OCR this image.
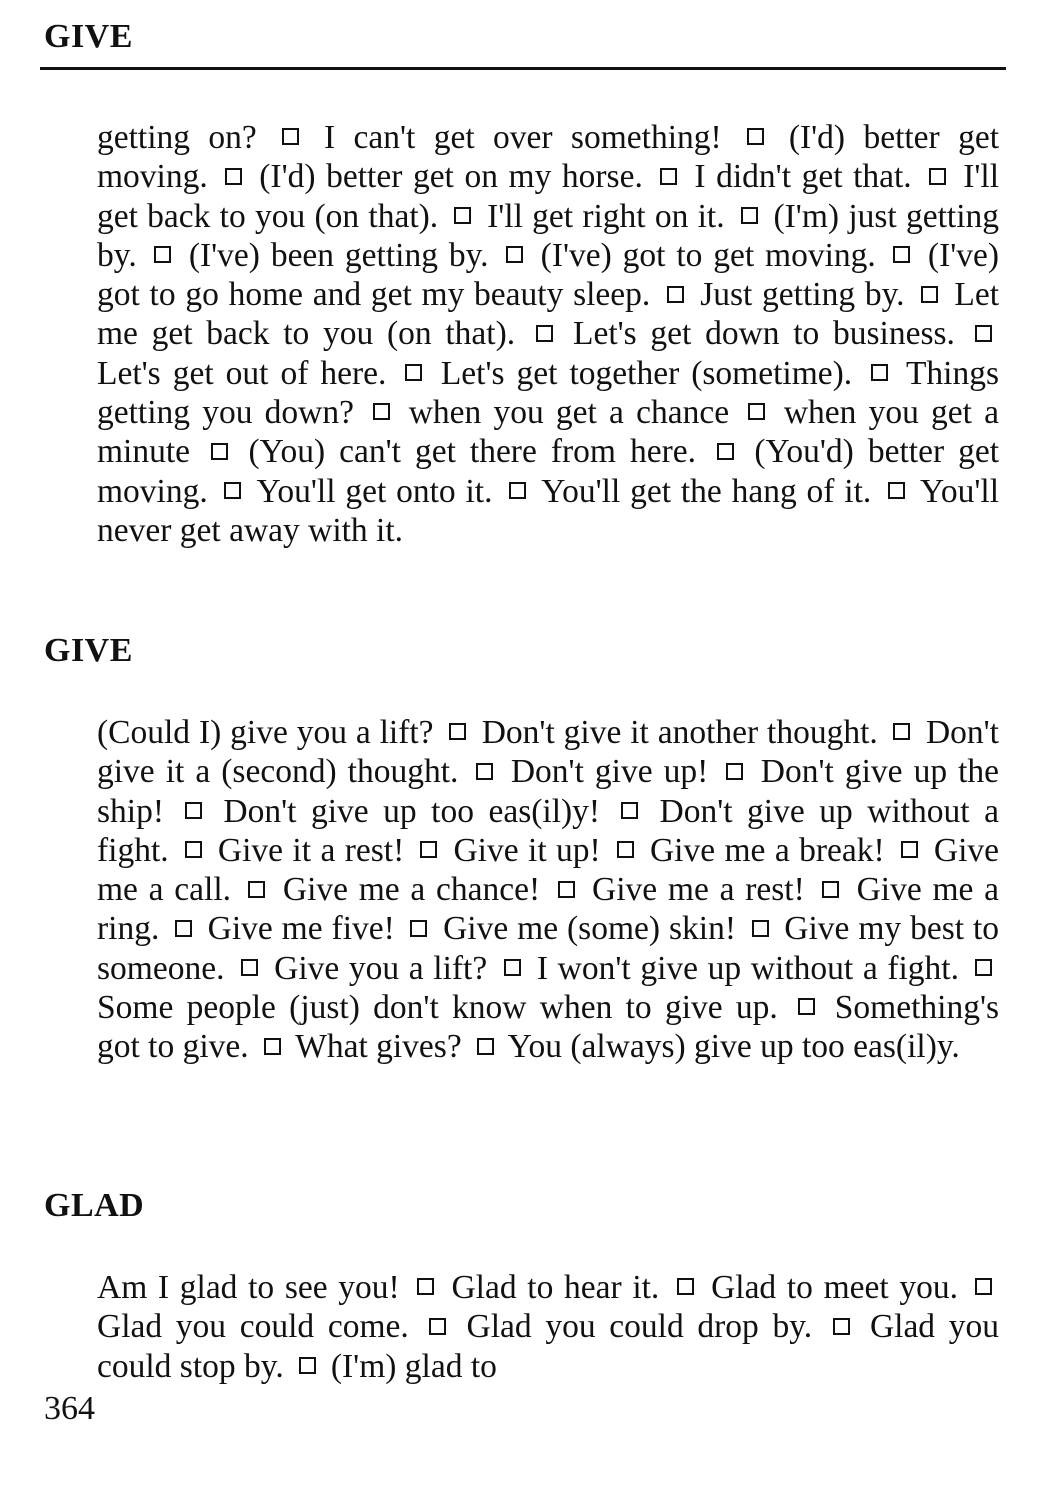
GIVE

getting on? I can't get over something! (I'd) better get moving. (I'd) better get on my horse. I didn't get that. I'll get back to you (on that). I'll get right on it. (I'm) just getting by. (I've) been getting by. (I've) got to get moving. (I've) got to go home and get my beauty sleep. Just getting by. Let me get back to you (on that). Let's get down to business.  Let's get out of here. Let's get together (sometime). Things getting you down? when you get a chance when you get a minute (You) can't get there from here. (You'd) better get moving. You'll get onto it. You'll get the hang of it. You'll never get away with it.

GIVE

(Could I) give you a lift? Don't give it another thought. Don't give it a (second) thought. Don't give up! Don't give up the ship! Don't give up too eas(il)y! Don't give up without a fight. Give it a rest! Give it up! Give me a break! Give me a call. Give me a chance! Give me a rest! Give me a ring. Give me five! Give me (some) skin! Give my best to someone. Give you a lift? I won't give up without a fight.  Some people (just) don't know when to give up. Something's got to give. What gives? You (always) give up too eas(il)y.

GLAD

Am I glad to see you! Glad to hear it. Glad to meet you.  Glad you could come. Glad you could drop by. Glad you could stop by. (I'm) glad to

364
